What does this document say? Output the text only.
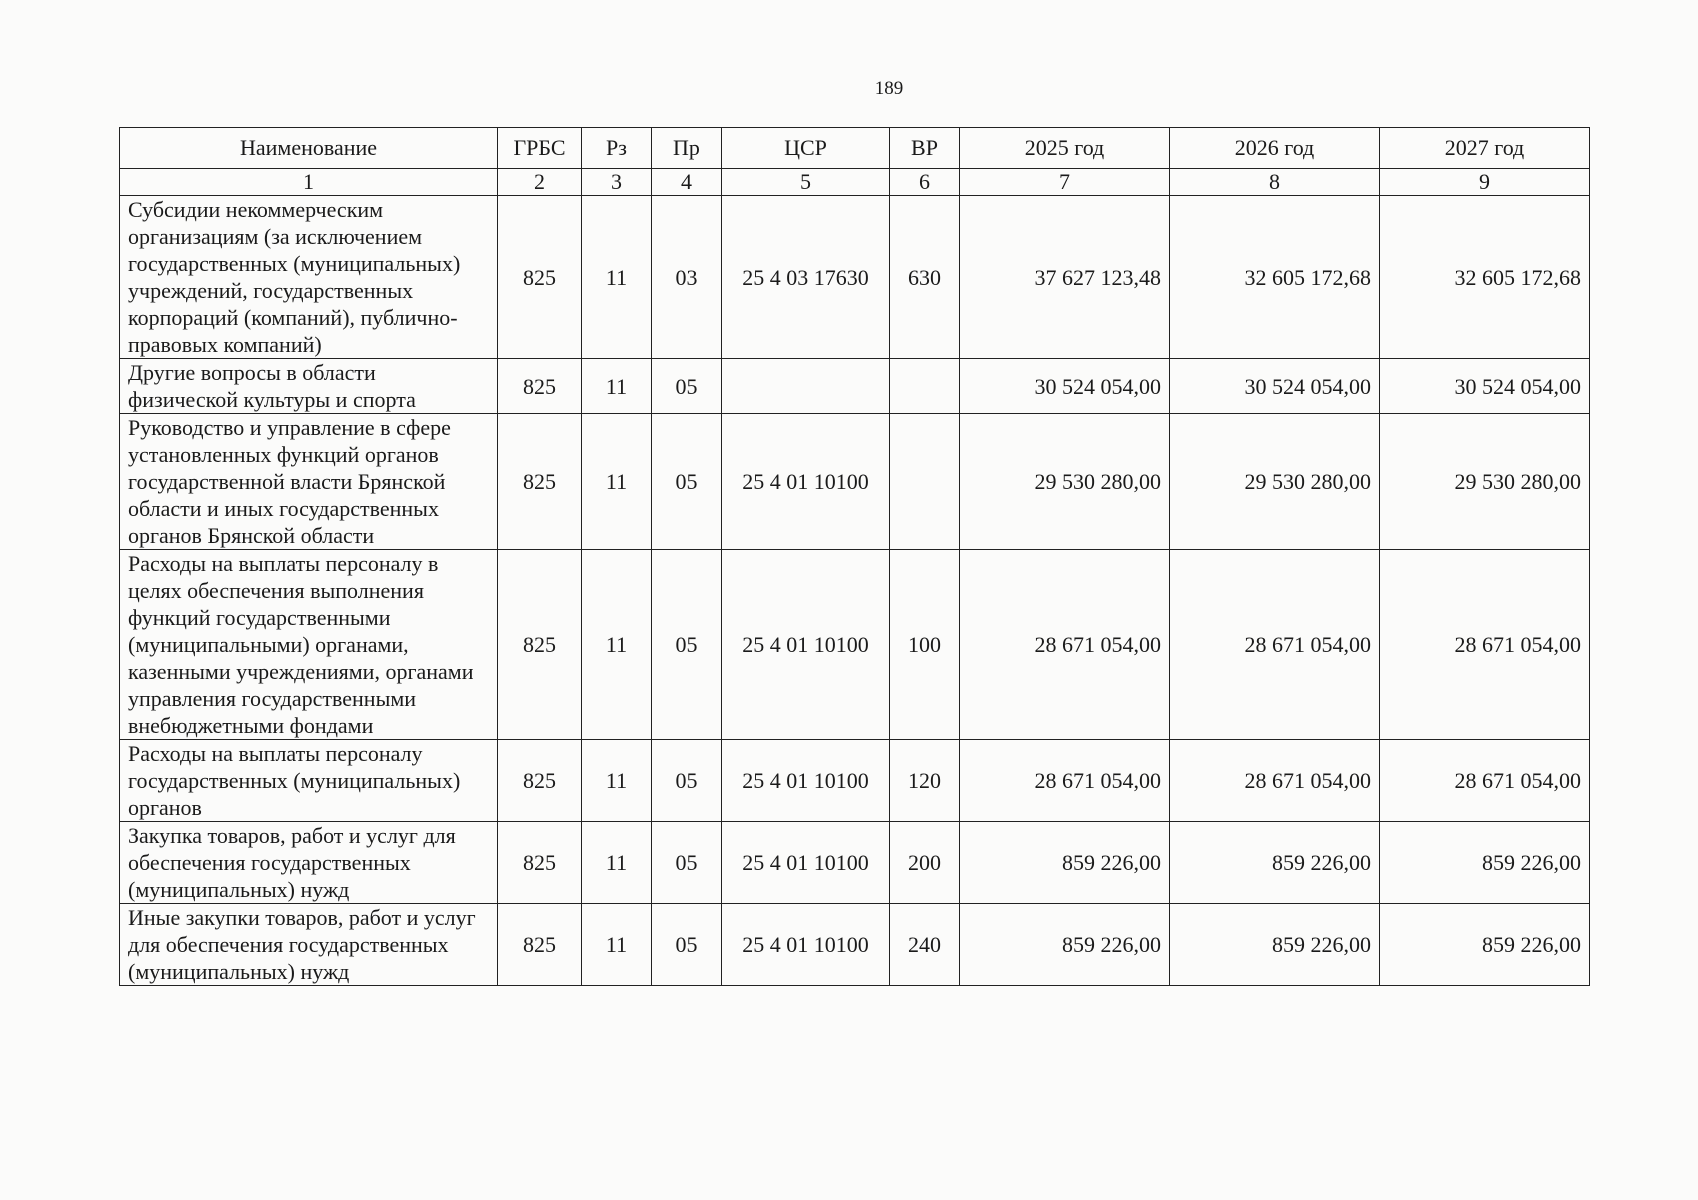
189
Наименование	ГРБС	Рз	Пр	ЦСР	ВР	2025 год	2026 год	2027 год
1	2	3	4	5	6	7	8	9
Субсидии некоммерческим организациям (за исключением государственных (муниципальных) учреждений, государственных корпораций (компаний), публично-правовых компаний)	825	11	03	25 4 03 17630	630	37 627 123,48	32 605 172,68	32 605 172,68
Другие вопросы в области физической культуры и спорта	825	11	05			30 524 054,00	30 524 054,00	30 524 054,00
Руководство и управление в сфере установленных функций органов государственной власти Брянской области и иных государственных органов Брянской области	825	11	05	25 4 01 10100		29 530 280,00	29 530 280,00	29 530 280,00
Расходы на выплаты персоналу в целях обеспечения выполнения функций государственными (муниципальными) органами, казенными учреждениями, органами управления государственными внебюджетными фондами	825	11	05	25 4 01 10100	100	28 671 054,00	28 671 054,00	28 671 054,00
Расходы на выплаты персоналу государственных (муниципальных) органов	825	11	05	25 4 01 10100	120	28 671 054,00	28 671 054,00	28 671 054,00
Закупка товаров, работ и услуг для обеспечения государственных (муниципальных) нужд	825	11	05	25 4 01 10100	200	859 226,00	859 226,00	859 226,00
Иные закупки товаров, работ и услуг для обеспечения государственных (муниципальных) нужд	825	11	05	25 4 01 10100	240	859 226,00	859 226,00	859 226,00
